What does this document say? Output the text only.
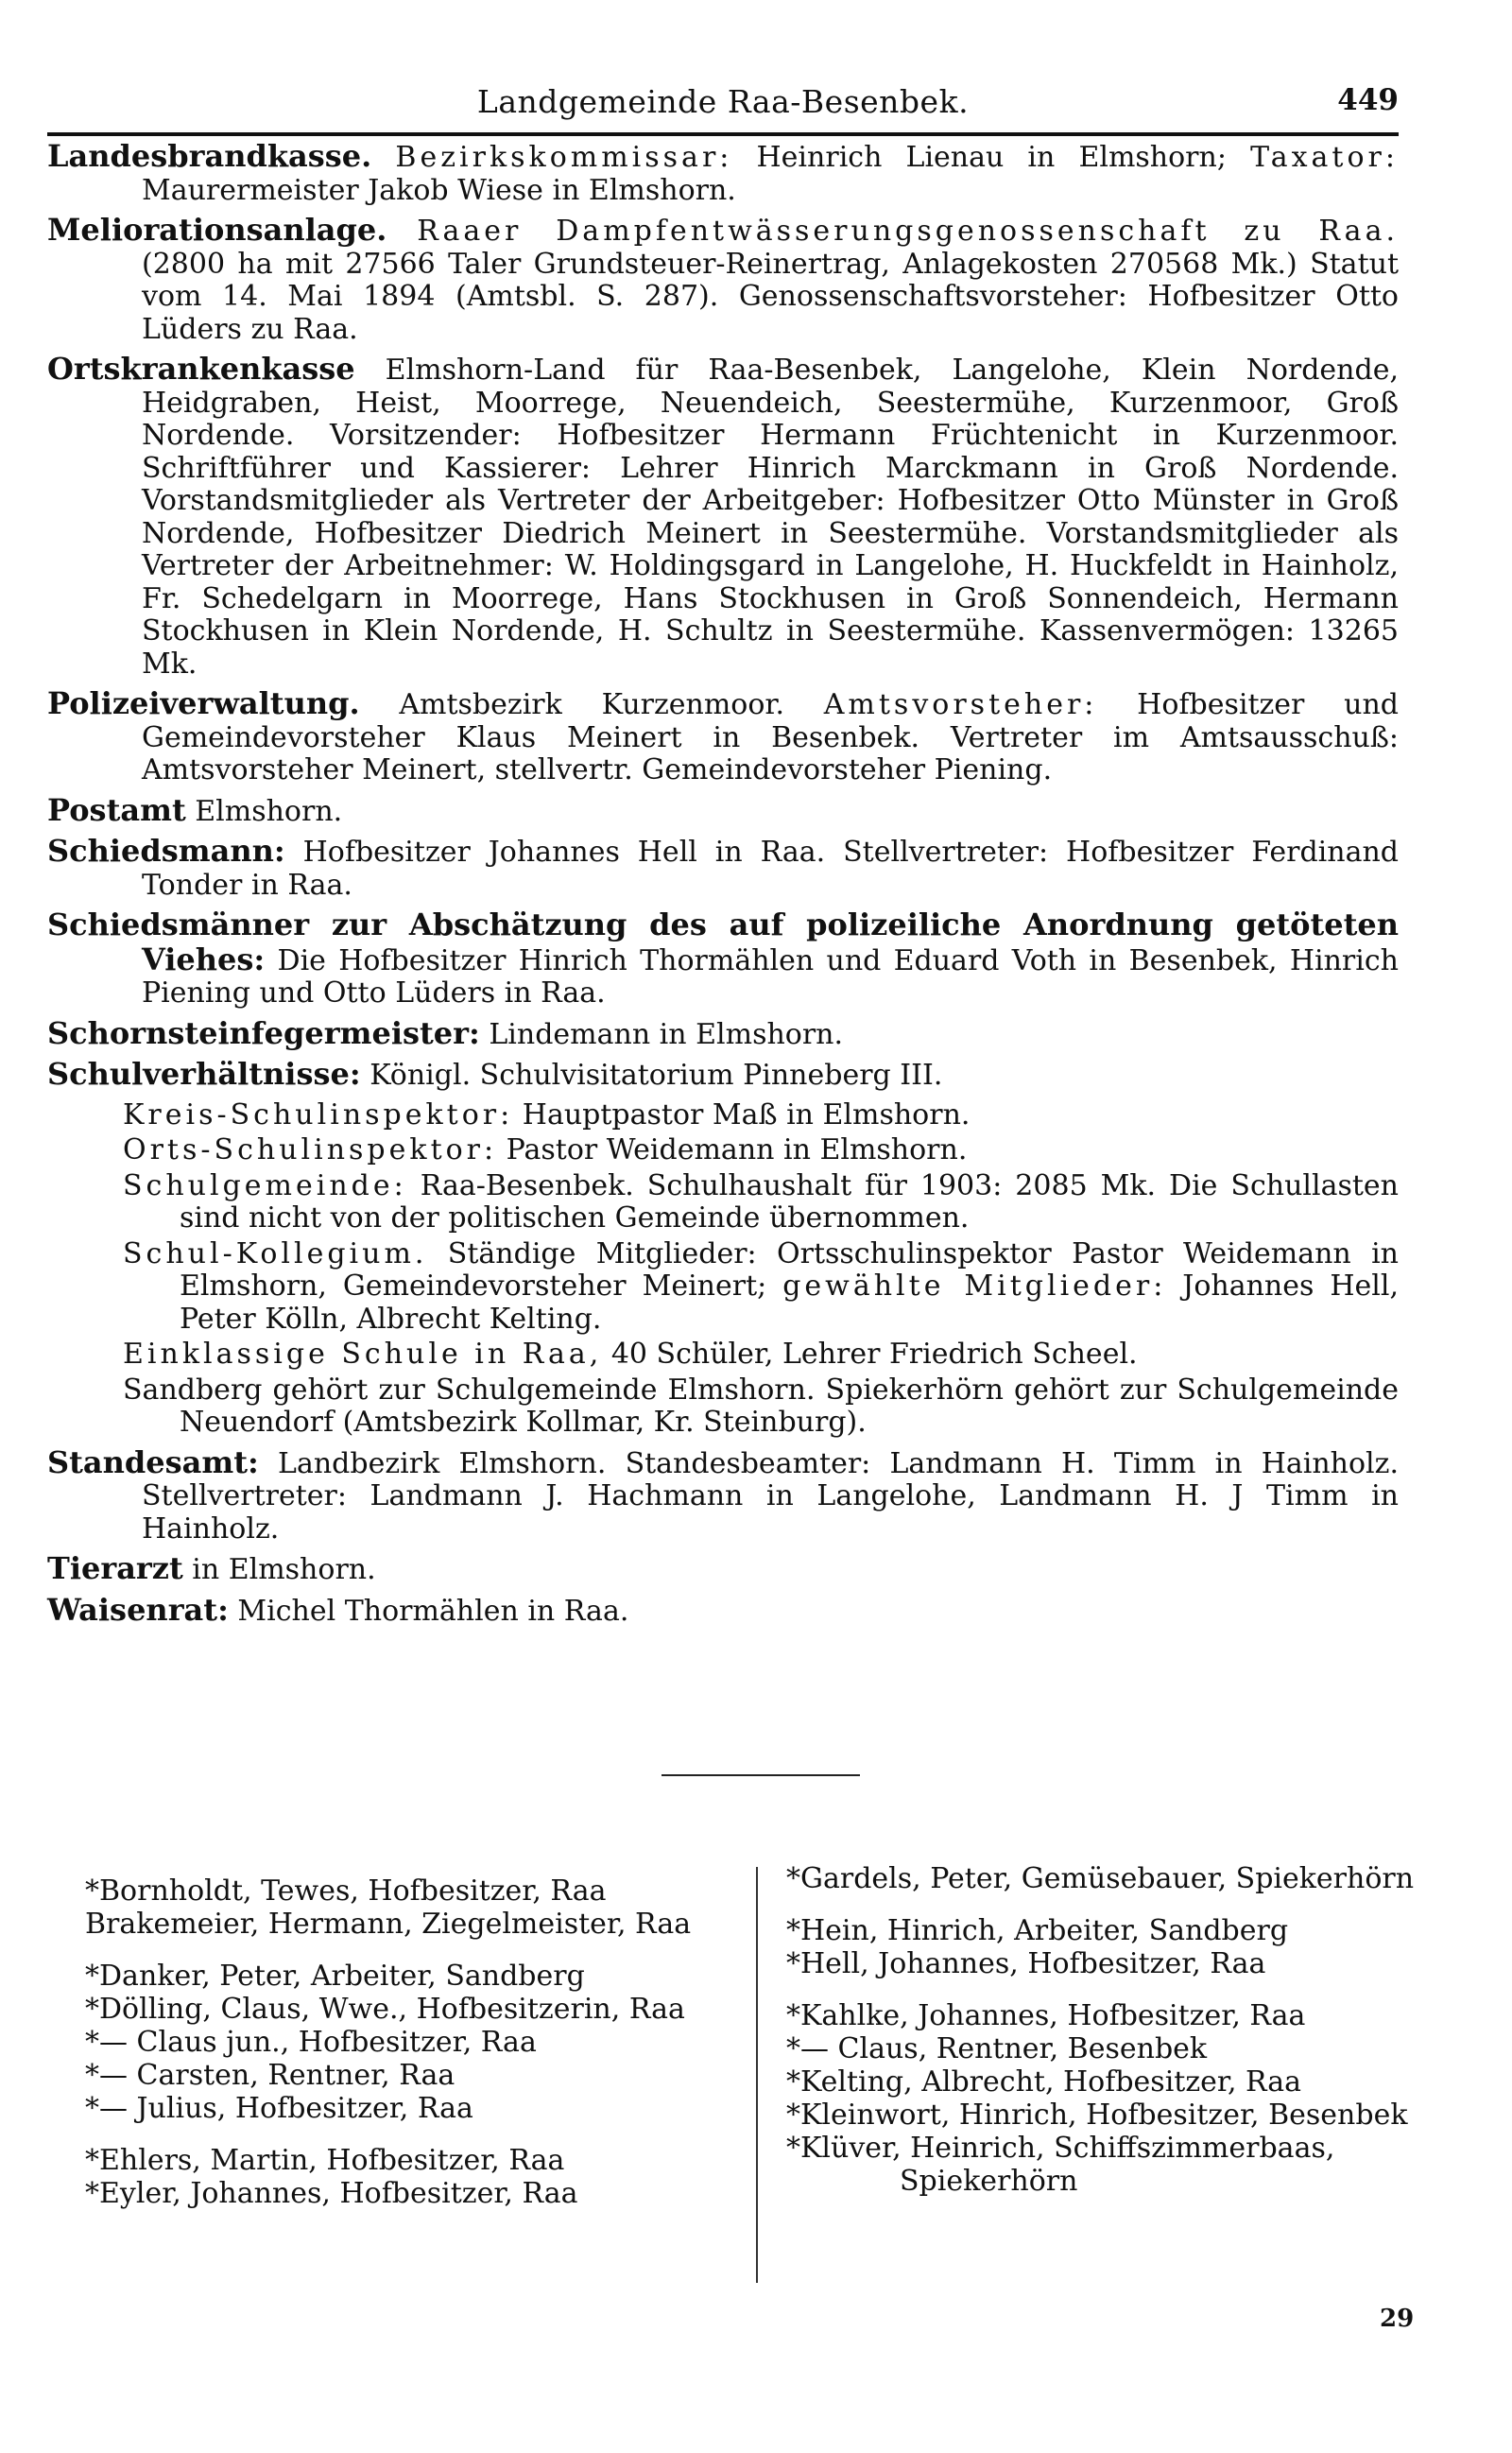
Landgemeinde Raa-Besenbek.	449

Landesbrandkasse. Bezirkskommissar: Heinrich Lienau in Elmshorn; Taxator: Maurermeister Jakob Wiese in Elmshorn.

Meliorationsanlage. Raaer Dampfentwässerungsgenossenschaft zu Raa. (2800 ha mit 27566 Taler Grundsteuer-Reinertrag, Anlagekosten 270568 Mk.) Statut vom 14. Mai 1894 (Amtsbl. S. 287). Genossenschaftsvorsteher: Hofbesitzer Otto Lüders zu Raa.

Ortskrankenkasse Elmshorn-Land für Raa-Besenbek, Langelohe, Klein Nordende, Heidgraben, Heist, Moorrege, Neuendeich, Seestermühe, Kurzenmoor, Groß Nordende. Vorsitzender: Hofbesitzer Hermann Früchtenicht in Kurzenmoor. Schriftführer und Kassierer: Lehrer Hinrich Marckmann in Groß Nordende. Vorstandsmitglieder als Vertreter der Arbeitgeber: Hofbesitzer Otto Münster in Groß Nordende, Hofbesitzer Diedrich Meinert in Seestermühe. Vorstandsmitglieder als Vertreter der Arbeitnehmer: W. Holdingsgard in Langelohe, H. Huckfeldt in Hainholz, Fr. Schedelgarn in Moorrege, Hans Stockhusen in Groß Sonnendeich, Hermann Stockhusen in Klein Nordende, H. Schultz in Seestermühe. Kassenvermögen: 13265 Mk.

Polizeiverwaltung. Amtsbezirk Kurzenmoor. Amtsvorsteher: Hofbesitzer und Gemeindevorsteher Klaus Meinert in Besenbek. Vertreter im Amtsausschuß: Amtsvorsteher Meinert, stellvertr. Gemeindevorsteher Piening.

Postamt Elmshorn.

Schiedsmann: Hofbesitzer Johannes Hell in Raa. Stellvertreter: Hofbesitzer Ferdinand Tonder in Raa.

Schiedsmänner zur Abschätzung des auf polizeiliche Anordnung getöteten Viehes: Die Hofbesitzer Hinrich Thormählen und Eduard Voth in Besenbek, Hinrich Piening und Otto Lüders in Raa.

Schornsteinfegermeister: Lindemann in Elmshorn.

Schulverhältnisse: Königl. Schulvisitatorium Pinneberg III.

Kreis-Schulinspektor: Hauptpastor Maß in Elmshorn.

Orts-Schulinspektor: Pastor Weidemann in Elmshorn.

Schulgemeinde: Raa-Besenbek. Schulhaushalt für 1903: 2085 Mk. Die Schullasten sind nicht von der politischen Gemeinde übernommen.

Schul-Kollegium. Ständige Mitglieder: Ortsschulinspektor Pastor Weidemann in Elmshorn, Gemeindevorsteher Meinert; gewählte Mitglieder: Johannes Hell, Peter Kölln, Albrecht Kelting.

Einklassige Schule in Raa, 40 Schüler, Lehrer Friedrich Scheel.

Sandberg gehört zur Schulgemeinde Elmshorn. Spiekerhörn gehört zur Schulgemeinde Neuendorf (Amtsbezirk Kollmar, Kr. Steinburg).

Standesamt: Landbezirk Elmshorn. Standesbeamter: Landmann H. Timm in Hainholz. Stellvertreter: Landmann J. Hachmann in Langelohe, Landmann H. J Timm in Hainholz.

Tierarzt in Elmshorn.

Waisenrat: Michel Thormählen in Raa.

*Bornholdt, Tewes, Hofbesitzer, Raa
Brakemeier, Hermann, Ziegelmeister, Raa
*Danker, Peter, Arbeiter, Sandberg
*Dölling, Claus, Wwe., Hofbesitzerin, Raa
*— Claus jun., Hofbesitzer, Raa
*— Carsten, Rentner, Raa
*— Julius, Hofbesitzer, Raa
*Ehlers, Martin, Hofbesitzer, Raa
*Eyler, Johannes, Hofbesitzer, Raa
*Gardels, Peter, Gemüsebauer, Spiekerhörn
*Hein, Hinrich, Arbeiter, Sandberg
*Hell, Johannes, Hofbesitzer, Raa
*Kahlke, Johannes, Hofbesitzer, Raa
*— Claus, Rentner, Besenbek
*Kelting, Albrecht, Hofbesitzer, Raa
*Kleinwort, Hinrich, Hofbesitzer, Besenbek
*Klüver, Heinrich, Schiffszimmerbaas,
Spiekerhörn
29
